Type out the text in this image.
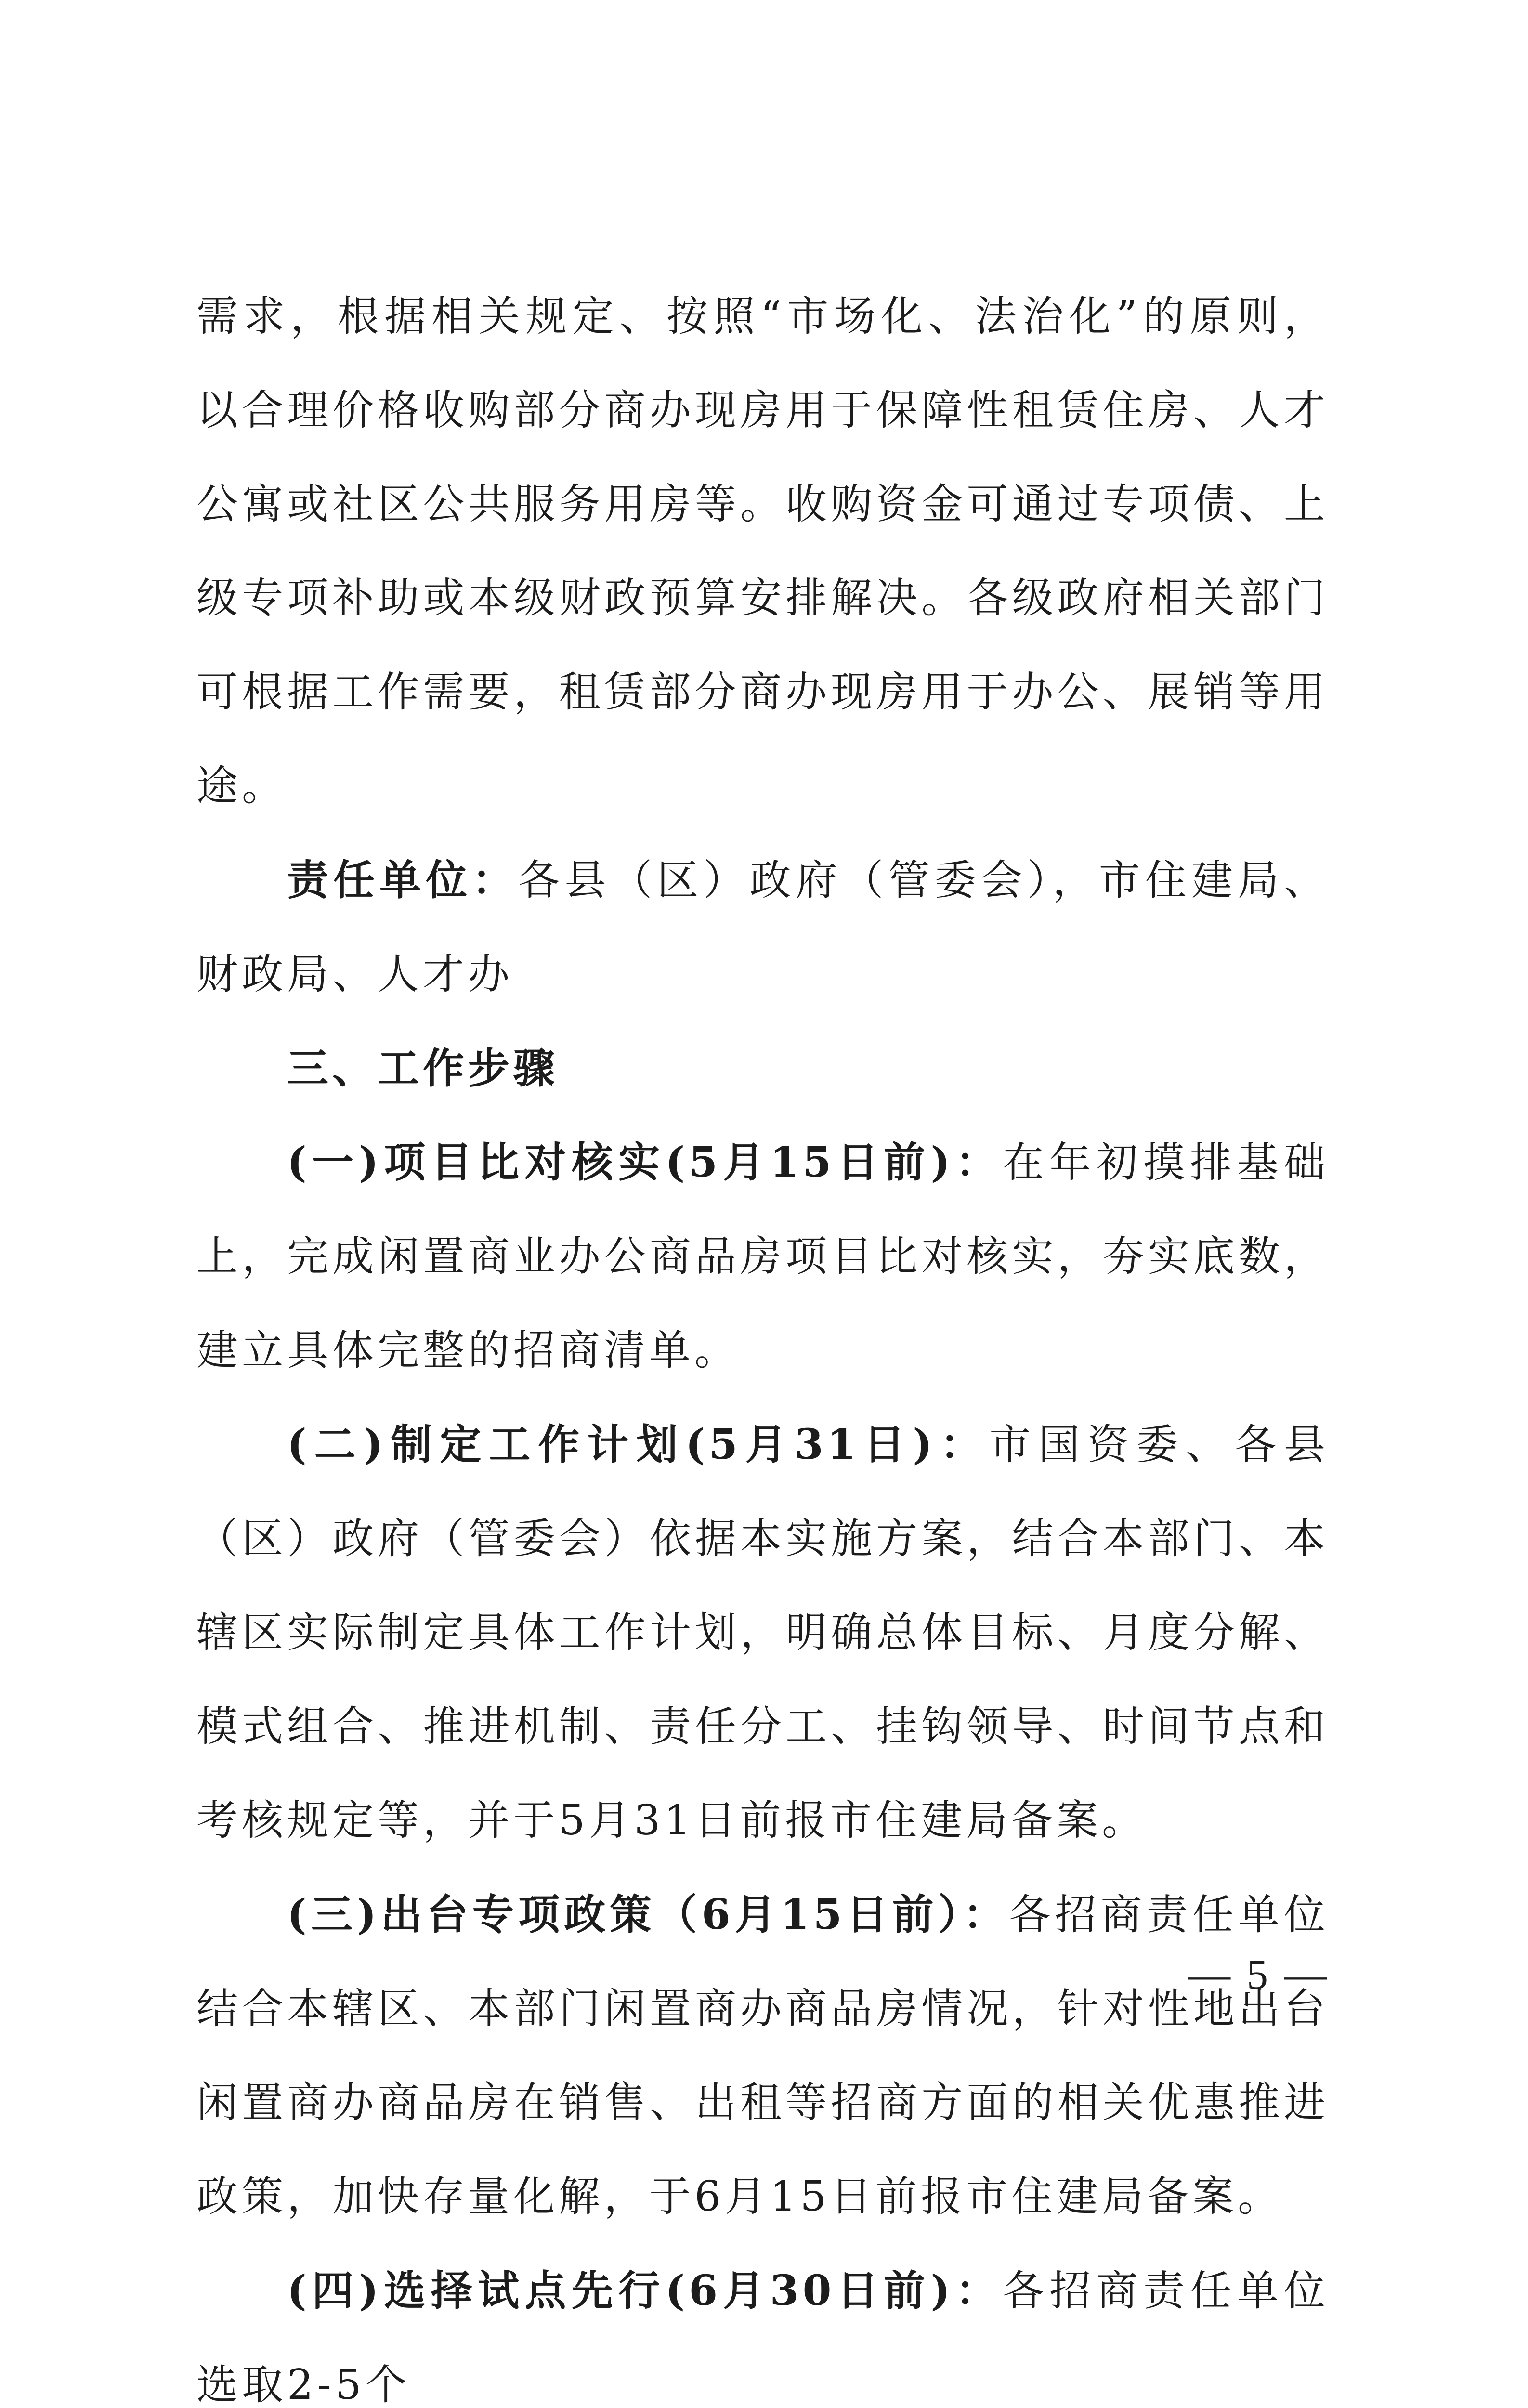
需求，根据相关规定、按照“市场化、法治化”的原则，以合理价格收购部分商办现房用于保障性租赁住房、人才公寓或社区公共服务用房等。收购资金可通过专项债、上级专项补助或本级财政预算安排解决。各级政府相关部门可根据工作需要，租赁部分商办现房用于办公、展销等用途。

责任单位：各县（区）政府（管委会），市住建局、财政局、人才办

三、工作步骤

(一)项目比对核实(5月15日前)：在年初摸排基础上，完成闲置商业办公商品房项目比对核实，夯实底数，建立具体完整的招商清单。

(二)制定工作计划(5月31日)：市国资委、各县（区）政府（管委会）依据本实施方案，结合本部门、本辖区实际制定具体工作计划，明确总体目标、月度分解、模式组合、推进机制、责任分工、挂钩领导、时间节点和考核规定等，并于5月31日前报市住建局备案。

(三)出台专项政策（6月15日前）：各招商责任单位结合本辖区、本部门闲置商办商品房情况，针对性地出台闲置商办商品房在销售、出租等招商方面的相关优惠推进政策，加快存量化解，于6月15日前报市住建局备案。

(四)选择试点先行(6月30日前)：各招商责任单位选取2-5个

— 5 —
